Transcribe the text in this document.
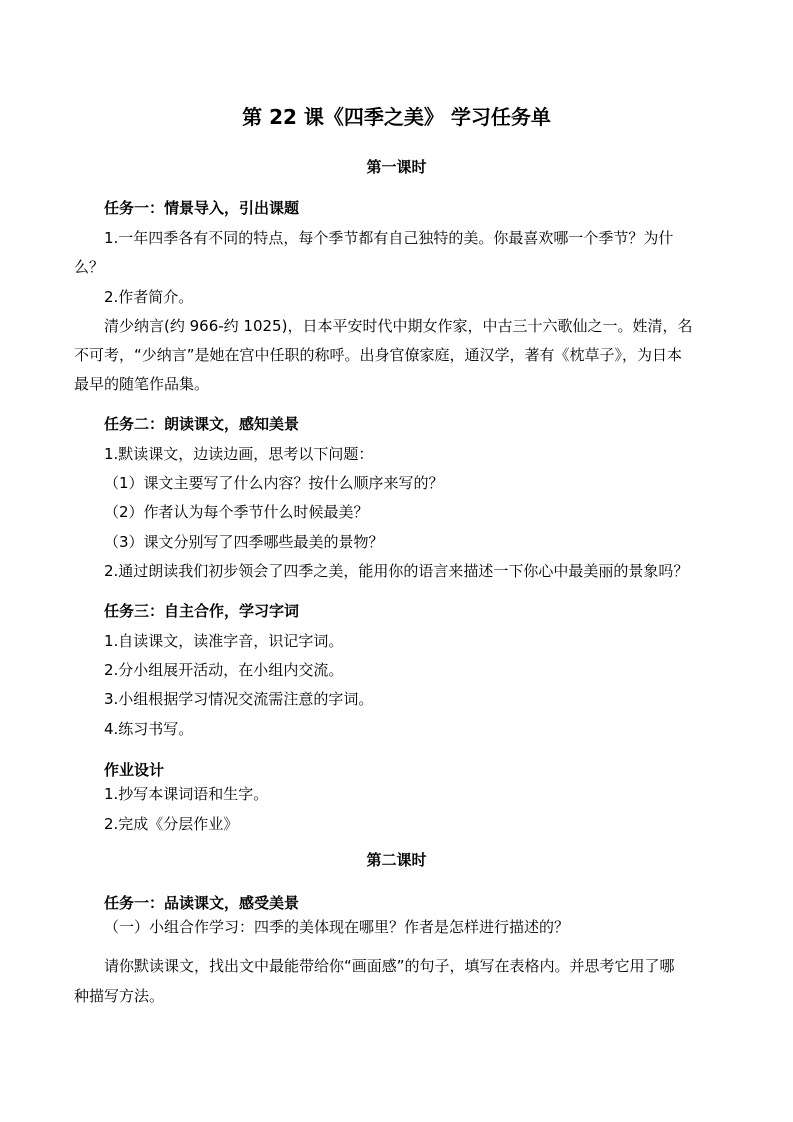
第 22 课《四季之美》 学习任务单
第一课时
任务一：情景导入，引出课题
1.一年四季各有不同的特点，每个季节都有自己独特的美。你最喜欢哪一个季节？为什
么？
2.作者简介。
清少纳言(约 966-约 1025)，日本平安时代中期女作家，中古三十六歌仙之一。姓清，名
不可考，“少纳言”是她在宫中任职的称呼。出身官僚家庭，通汉学，著有《枕草子》，为日本
最早的随笔作品集。
任务二：朗读课文，感知美景
1.默读课文，边读边画，思考以下问题：
（1）课文主要写了什么内容？按什么顺序来写的？
（2）作者认为每个季节什么时候最美？
（3）课文分别写了四季哪些最美的景物？
2.通过朗读我们初步领会了四季之美，能用你的语言来描述一下你心中最美丽的景象吗？
任务三：自主合作，学习字词
1.自读课文，读准字音，识记字词。
2.分小组展开活动，在小组内交流。
3.小组根据学习情况交流需注意的字词。
4.练习书写。
作业设计
1.抄写本课词语和生字。
2.完成《分层作业》
第二课时
任务一：品读课文，感受美景
（一）小组合作学习：四季的美体现在哪里？作者是怎样进行描述的？
请你默读课文，找出文中最能带给你“画面感”的句子，填写在表格内。并思考它用了哪
种描写方法。
